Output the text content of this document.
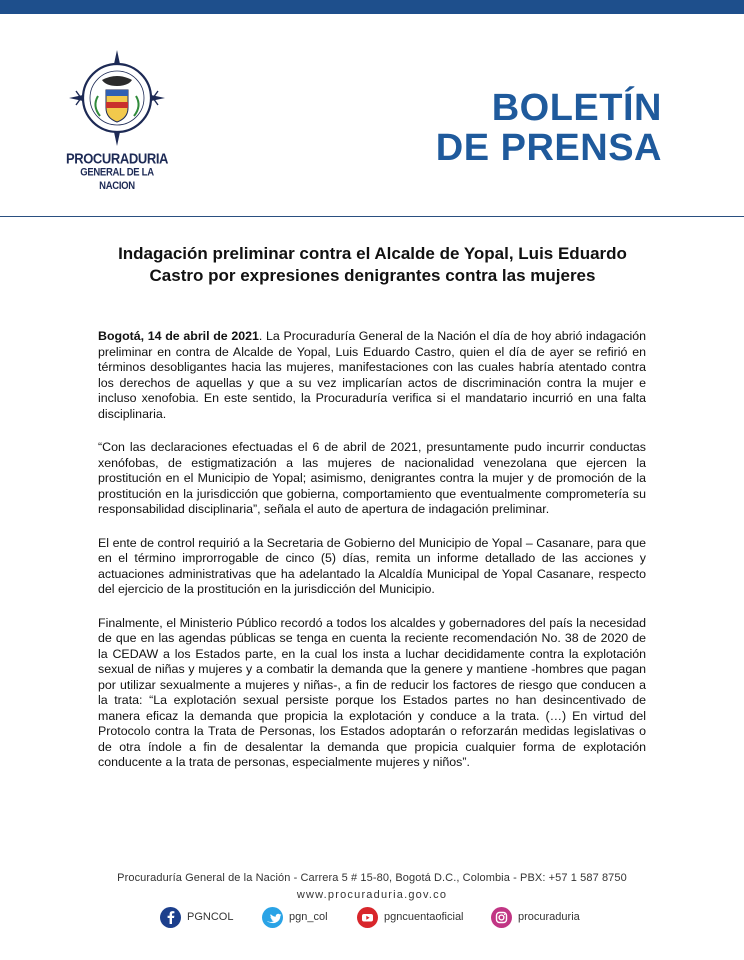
PROCURADURIA
GENERAL DE LA NACION
BOLETÍN
DE PRENSA
Indagación preliminar contra el Alcalde de Yopal, Luis Eduardo Castro por expresiones denigrantes contra las mujeres

Bogotá, 14 de abril de 2021. La Procuraduría General de la Nación el día de hoy abrió indagación preliminar en contra de Alcalde de Yopal, Luis Eduardo Castro, quien el día de ayer se refirió en términos desobligantes hacia las mujeres, manifestaciones con las cuales habría atentado contra los derechos de aquellas y que a su vez implicarían actos de discriminación contra la mujer e incluso xenofobia. En este sentido, la Procuraduría verifica si el mandatario incurrió en una falta disciplinaria.

“Con las declaraciones efectuadas el 6 de abril de 2021, presuntamente pudo incurrir conductas xenófobas, de estigmatización a las mujeres de nacionalidad venezolana que ejercen la prostitución en el Municipio de Yopal; asimismo, denigrantes contra la mujer y de promoción de la prostitución en la jurisdicción que gobierna, comportamiento que eventualmente comprometería su responsabilidad disciplinaria”, señala el auto de apertura de indagación preliminar.

El ente de control requirió a la Secretaria de Gobierno del Municipio de Yopal – Casanare, para que en el término improrrogable de cinco (5) días, remita un informe detallado de las acciones y actuaciones administrativas que ha adelantado la Alcaldía Municipal de Yopal Casanare, respecto del ejercicio de la prostitución en la jurisdicción del Municipio.

Finalmente, el Ministerio Público recordó a todos los alcaldes y gobernadores del país la necesidad de que en las agendas públicas se tenga en cuenta la reciente recomendación No. 38 de 2020 de la CEDAW a los Estados parte, en la cual los insta a luchar decididamente contra la explotación sexual de niñas y mujeres y a combatir la demanda que la genere y mantiene -hombres que pagan por utilizar sexualmente a mujeres y niñas-, a fin de reducir los factores de riesgo que conducen a la trata: “La explotación sexual persiste porque los Estados partes no han desincentivado de manera eficaz la demanda que propicia la explotación y conduce a la trata. (…) En virtud del Protocolo contra la Trata de Personas, los Estados adoptarán o reforzarán medidas legislativas o de otra índole a fin de desalentar la demanda que propicia cualquier forma de explotación conducente a la trata de personas, especialmente mujeres y niños”.

Procuraduría General de la Nación - Carrera 5 # 15-80, Bogotá D.C., Colombia - PBX: +57 1 587 8750
www.procuraduria.gov.co
PGNCOL	pgn_col	pgncuentaoficial	procuraduria
